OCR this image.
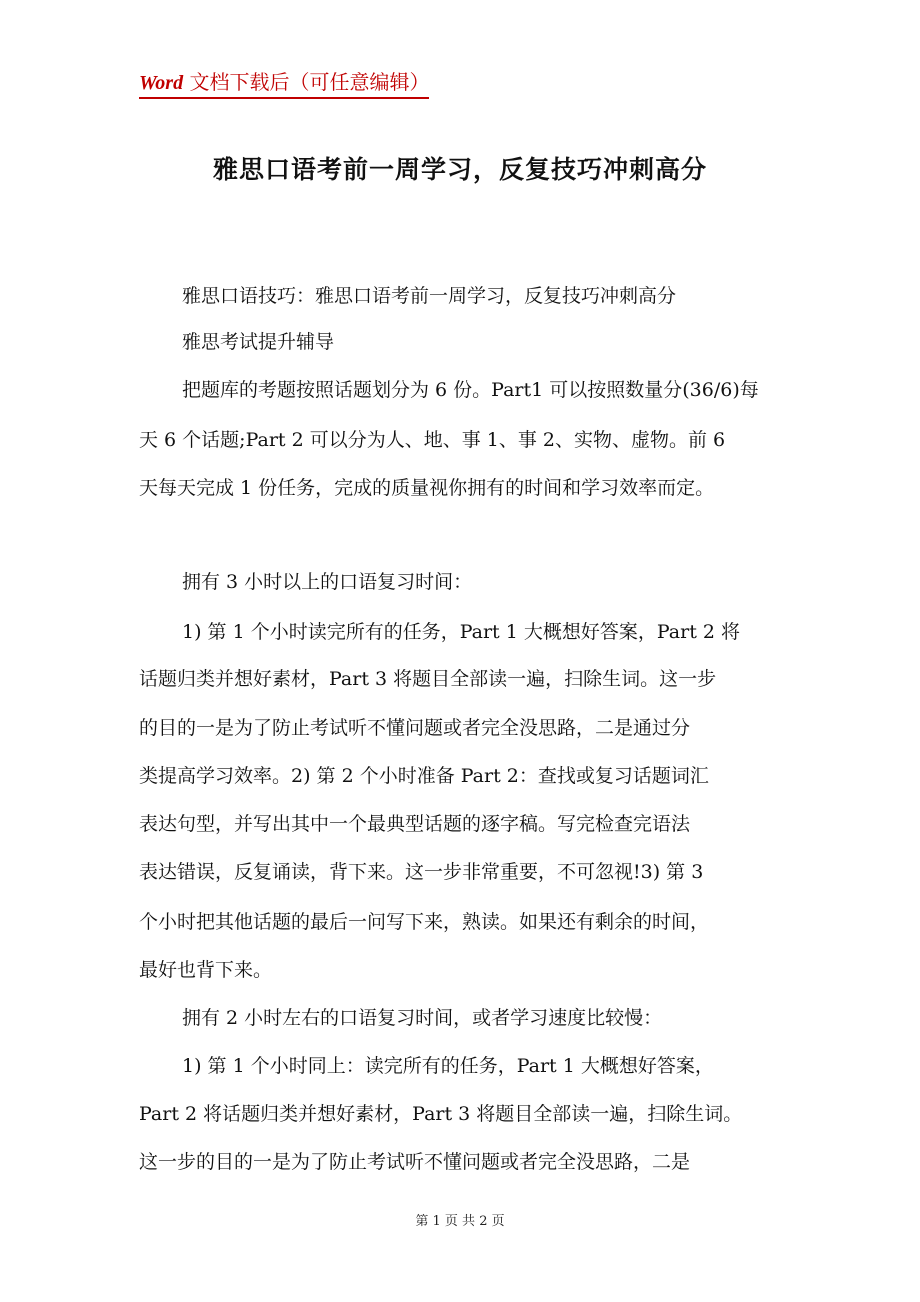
Word 文档下载后（可任意编辑）
雅思口语考前一周学习，反复技巧冲刺高分
雅思口语技巧：雅思口语考前一周学习，反复技巧冲刺高分
雅思考试提升辅导
把题库的考题按照话题划分为 6 份。Part1 可以按照数量分(36/6)每
天 6 个话题;Part 2 可以分为人、地、事 1、事 2、实物、虚物。前 6
天每天完成 1 份任务，完成的质量视你拥有的时间和学习效率而定。
拥有 3 小时以上的口语复习时间：
1) 第 1 个小时读完所有的任务，Part 1 大概想好答案，Part 2 将
话题归类并想好素材，Part 3 将题目全部读一遍，扫除生词。这一步
的目的一是为了防止考试听不懂问题或者完全没思路，二是通过分
类提高学习效率。2) 第 2 个小时准备 Part 2：查找或复习话题词汇
表达句型，并写出其中一个最典型话题的逐字稿。写完检查完语法
表达错误，反复诵读，背下来。这一步非常重要，不可忽视!3) 第 3
个小时把其他话题的最后一问写下来，熟读。如果还有剩余的时间，
最好也背下来。
拥有 2 小时左右的口语复习时间，或者学习速度比较慢：
1) 第 1 个小时同上：读完所有的任务，Part 1 大概想好答案，
Part 2 将话题归类并想好素材，Part 3 将题目全部读一遍，扫除生词。
这一步的目的一是为了防止考试听不懂问题或者完全没思路，二是
第 1 页 共 2 页
